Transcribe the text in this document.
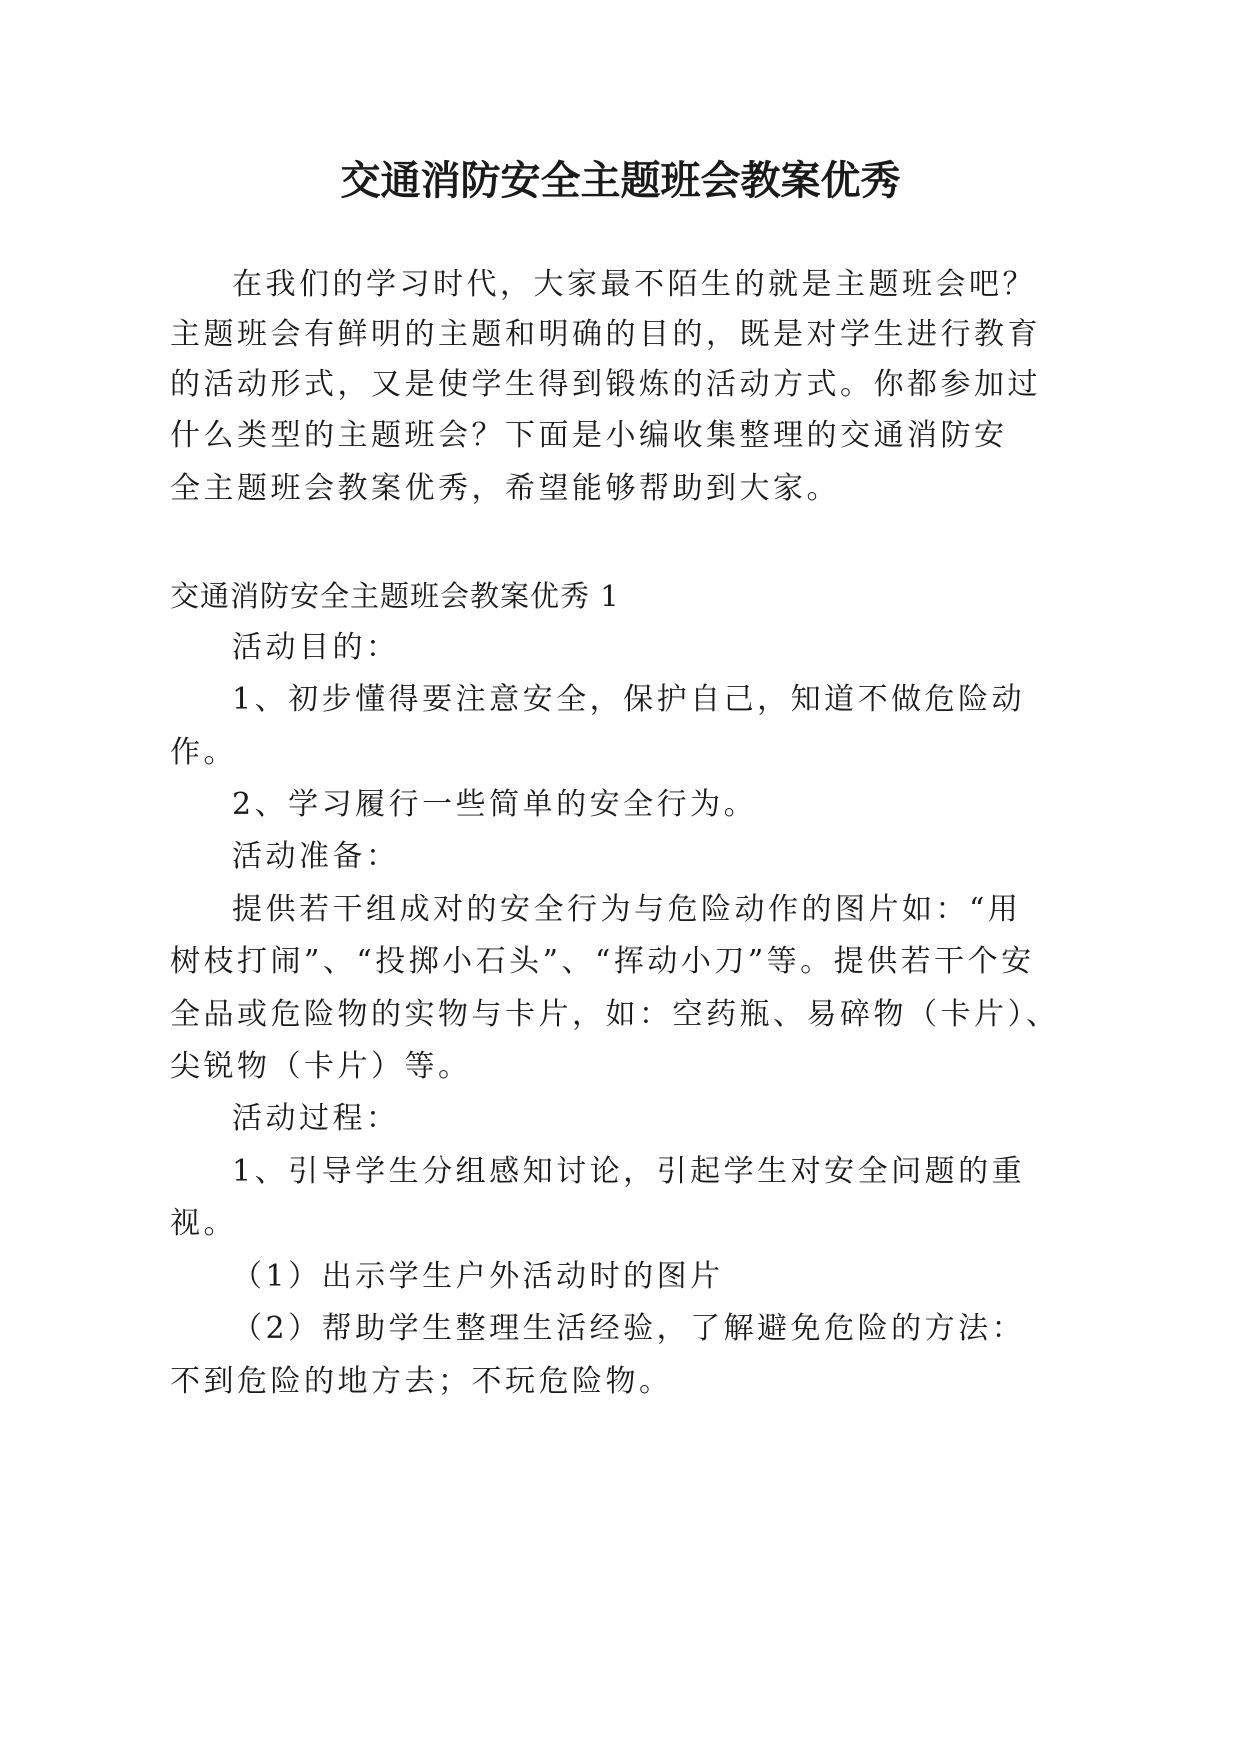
交通消防安全主题班会教案优秀
在我们的学习时代，大家最不陌生的就是主题班会吧？
主题班会有鲜明的主题和明确的目的，既是对学生进行教育
的活动形式，又是使学生得到锻炼的活动方式。你都参加过
什么类型的主题班会？下面是小编收集整理的交通消防安
全主题班会教案优秀，希望能够帮助到大家。
交通消防安全主题班会教案优秀 1
活动目的：
1、初步懂得要注意安全，保护自己，知道不做危险动
作。
2、学习履行一些简单的安全行为。
活动准备：
提供若干组成对的安全行为与危险动作的图片如：“用
树枝打闹”、“投掷小石头”、“挥动小刀”等。提供若干个安
全品或危险物的实物与卡片，如：空药瓶、易碎物（卡片）、
尖锐物（卡片）等。
活动过程：
1、引导学生分组感知讨论，引起学生对安全问题的重
视。
（1）出示学生户外活动时的图片
（2）帮助学生整理生活经验，了解避免危险的方法：
不到危险的地方去；不玩危险物。
